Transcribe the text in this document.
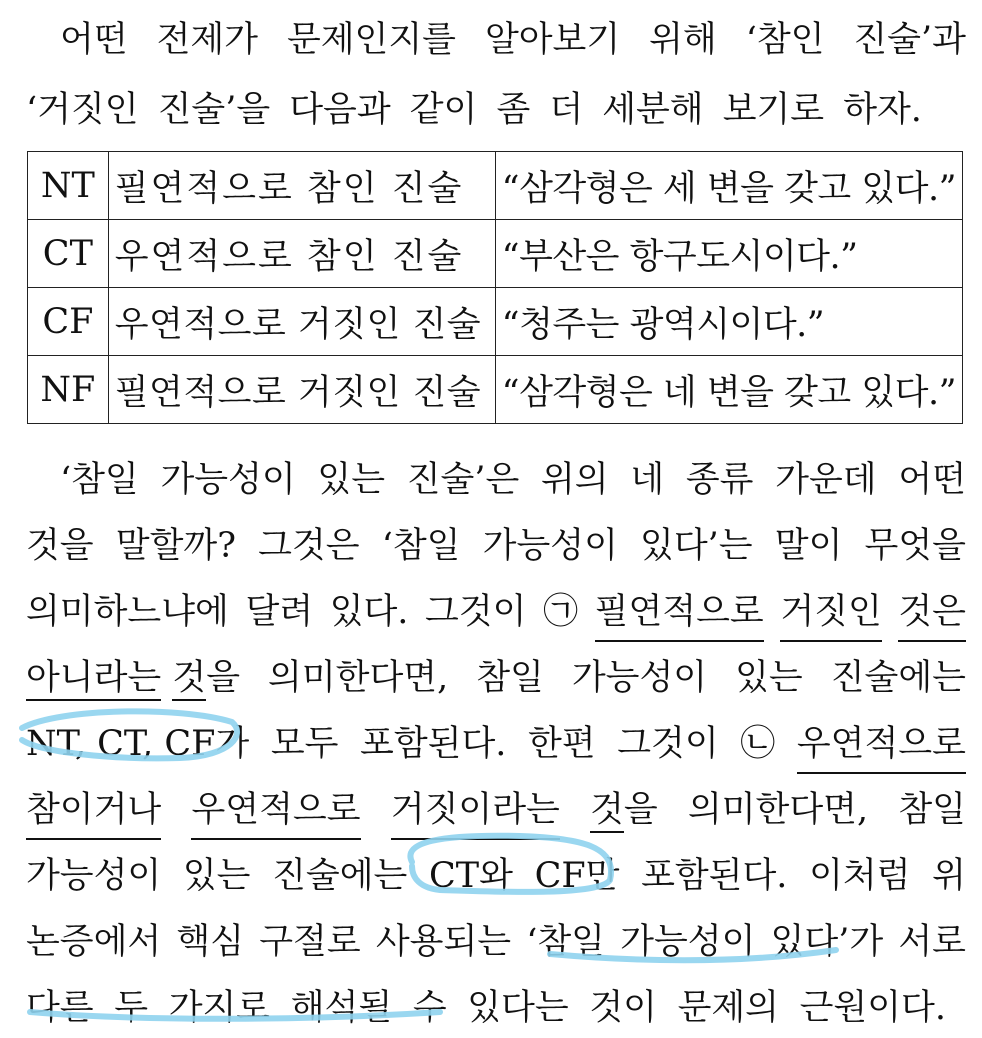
어떤 전제가 문제인지를 알아보기 위해 ‘참인 진술’과
‘거짓인 진술’을 다음과 같이 좀 더 세분해 보기로 하자.
NT	필연적으로 참인 진술	“삼각형은 세 변을 갖고 있다.”
CT	우연적으로 참인 진술	“부산은 항구도시이다.”
CF	우연적으로 거짓인 진술	“청주는 광역시이다.”
NF	필연적으로 거짓인 진술	“삼각형은 네 변을 갖고 있다.”
‘참일 가능성이 있는 진술’은 위의 네 종류 가운데 어떤
것을 말할까? 그것은 ‘참일 가능성이 있다’는 말이 무엇을
의미하느냐에 달려 있다. 그것이 ㉠ 필연적으로 거짓인 것은
아니라는 것을 의미한다면, 참일 가능성이 있는 진술에는
NT, CT, CF가 모두 포함된다. 한편 그것이 ㉡ 우연적으로
참이거나 우연적으로 거짓이라는 것을 의미한다면, 참일
가능성이 있는 진술에는 CT와 CF만 포함된다. 이처럼 위
논증에서 핵심 구절로 사용되는 ‘참일 가능성이 있다’가 서로
다른 두 가지로 해석될 수 있다는 것이 문제의 근원이다.
